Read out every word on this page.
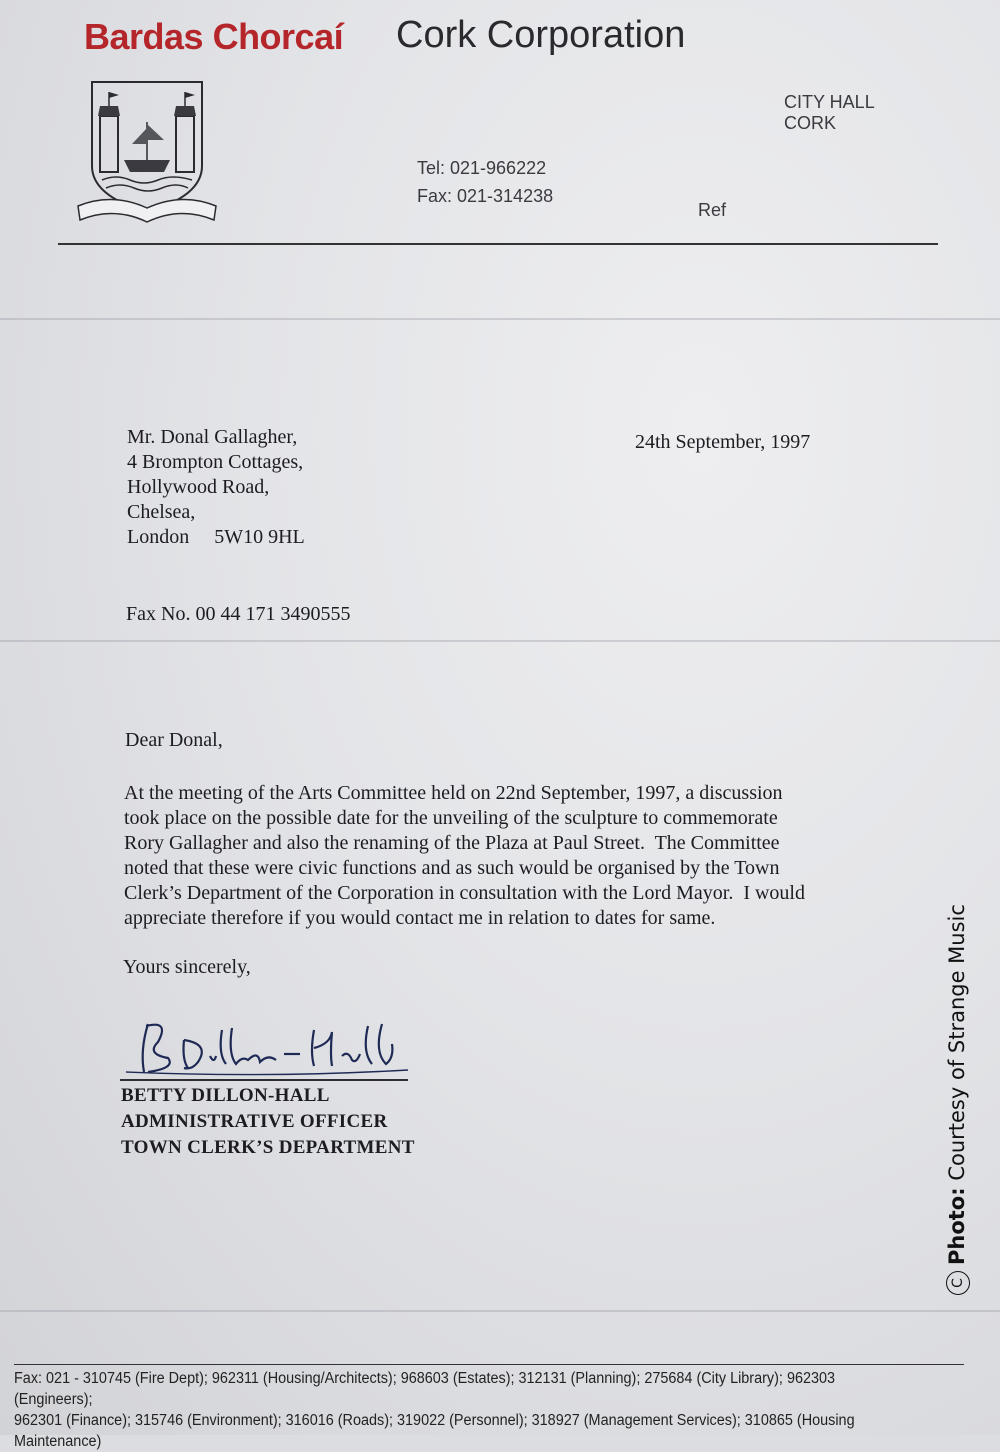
Bardas Chorcaí Cork Corporation
CITY HALL
CORK
Tel: 021-966222
Fax: 021-314238
Ref
Mr. Donal Gallagher,
4 Brompton Cottages,
Hollywood Road,
Chelsea,
London     5W10 9HL
24th September, 1997
Fax No. 00 44 171 3490555
Dear Donal,
At the meeting of the Arts Committee held on 22nd September, 1997, a discussion
took place on the possible date for the unveiling of the sculpture to commemorate
Rory Gallagher and also the renaming of the Plaza at Paul Street.  The Committee
noted that these were civic functions and as such would be organised by the Town
Clerk’s Department of the Corporation in consultation with the Lord Mayor.  I would
appreciate therefore if you would contact me in relation to dates for same.
Yours sincerely,
BETTY DILLON-HALL
ADMINISTRATIVE OFFICER
TOWN CLERK’S DEPARTMENT
Fax: 021 - 310745 (Fire Dept); 962311 (Housing/Architects); 968603 (Estates); 312131 (Planning); 275684 (City Library); 962303 (Engineers);
962301 (Finance); 315746 (Environment); 316016 (Roads); 319022 (Personnel); 318927 (Management Services); 310865 (Housing Maintenance)
CPhoto: Courtesy of Strange Music
